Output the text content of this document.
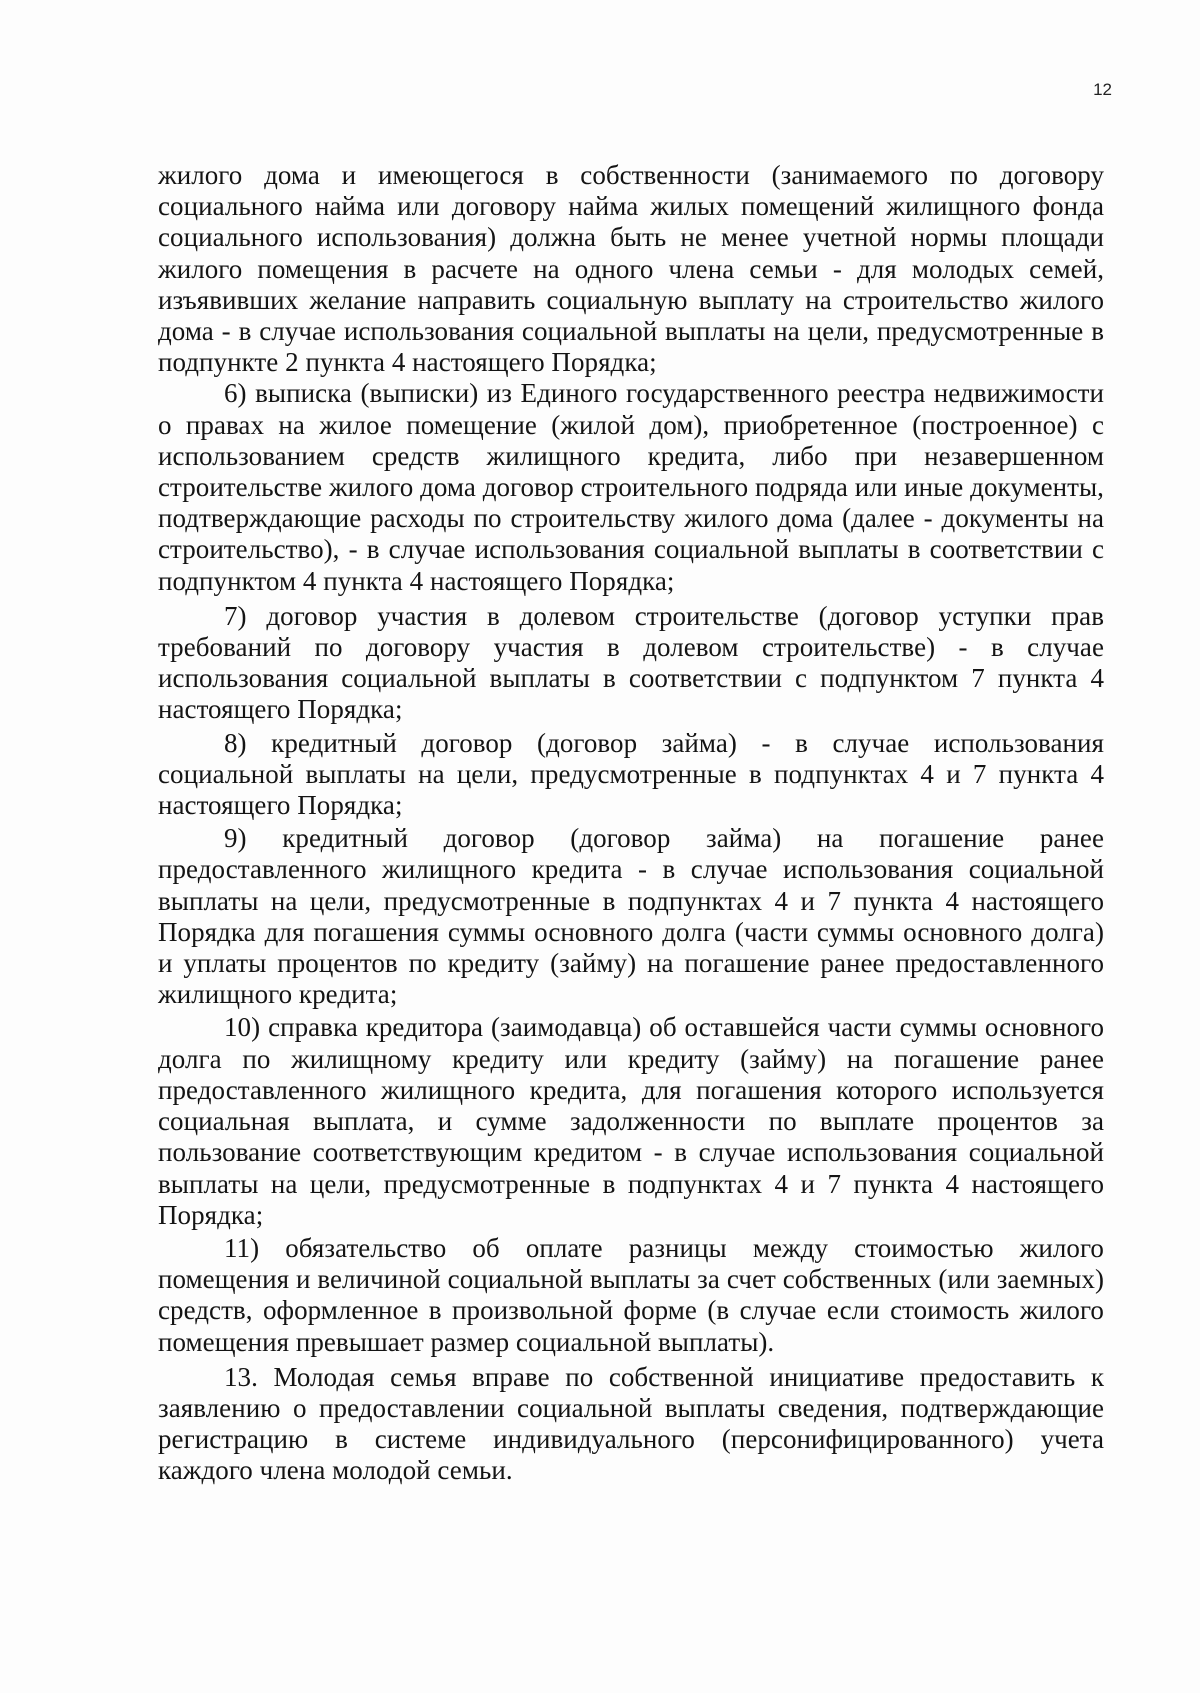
12

жилого дома и имеющегося в собственности (занимаемого по договору социального найма или договору найма жилых помещений жилищного фонда социального использования) должна быть не менее учетной нормы площади жилого помещения в расчете на одного члена семьи - для молодых семей, изъявивших желание направить социальную выплату на строительство жилого дома - в случае использования социальной выплаты на цели, предусмотренные в подпункте 2 пункта 4 настоящего Порядка;

6) выписка (выписки) из Единого государственного реестра недвижимости о правах на жилое помещение (жилой дом), приобретенное (построенное) с использованием средств жилищного кредита, либо при незавершенном строительстве жилого дома договор строительного подряда или иные документы, подтверждающие расходы по строительству жилого дома (далее - документы на строительство), - в случае использования социальной выплаты в соответствии с подпунктом 4 пункта 4 настоящего Порядка;

7) договор участия в долевом строительстве (договор уступки прав требований по договору участия в долевом строительстве) - в случае использования социальной выплаты в соответствии с подпунктом 7 пункта 4 настоящего Порядка;

8) кредитный договор (договор займа) - в случае использования социальной выплаты на цели, предусмотренные в подпунктах 4 и 7 пункта 4 настоящего Порядка;

9) кредитный договор (договор займа) на погашение ранее предоставленного жилищного кредита - в случае использования социальной выплаты на цели, предусмотренные в подпунктах 4 и 7 пункта 4 настоящего Порядка для погашения суммы основного долга (части суммы основного долга) и уплаты процентов по кредиту (займу) на погашение ранее предоставленного жилищного кредита;

10) справка кредитора (заимодавца) об оставшейся части суммы основного долга по жилищному кредиту или кредиту (займу) на погашение ранее предоставленного жилищного кредита, для погашения которого используется социальная выплата, и сумме задолженности по выплате процентов за пользование соответствующим кредитом - в случае использования социальной выплаты на цели, предусмотренные в подпунктах 4 и 7 пункта 4 настоящего Порядка;

11) обязательство об оплате разницы между стоимостью жилого помещения и величиной социальной выплаты за счет собственных (или заемных) средств, оформленное в произвольной форме (в случае если стоимость жилого помещения превышает размер социальной выплаты).

13. Молодая семья вправе по собственной инициативе предоставить к заявлению о предоставлении социальной выплаты сведения, подтверждающие регистрацию в системе индивидуального (персонифицированного) учета каждого члена молодой семьи.
